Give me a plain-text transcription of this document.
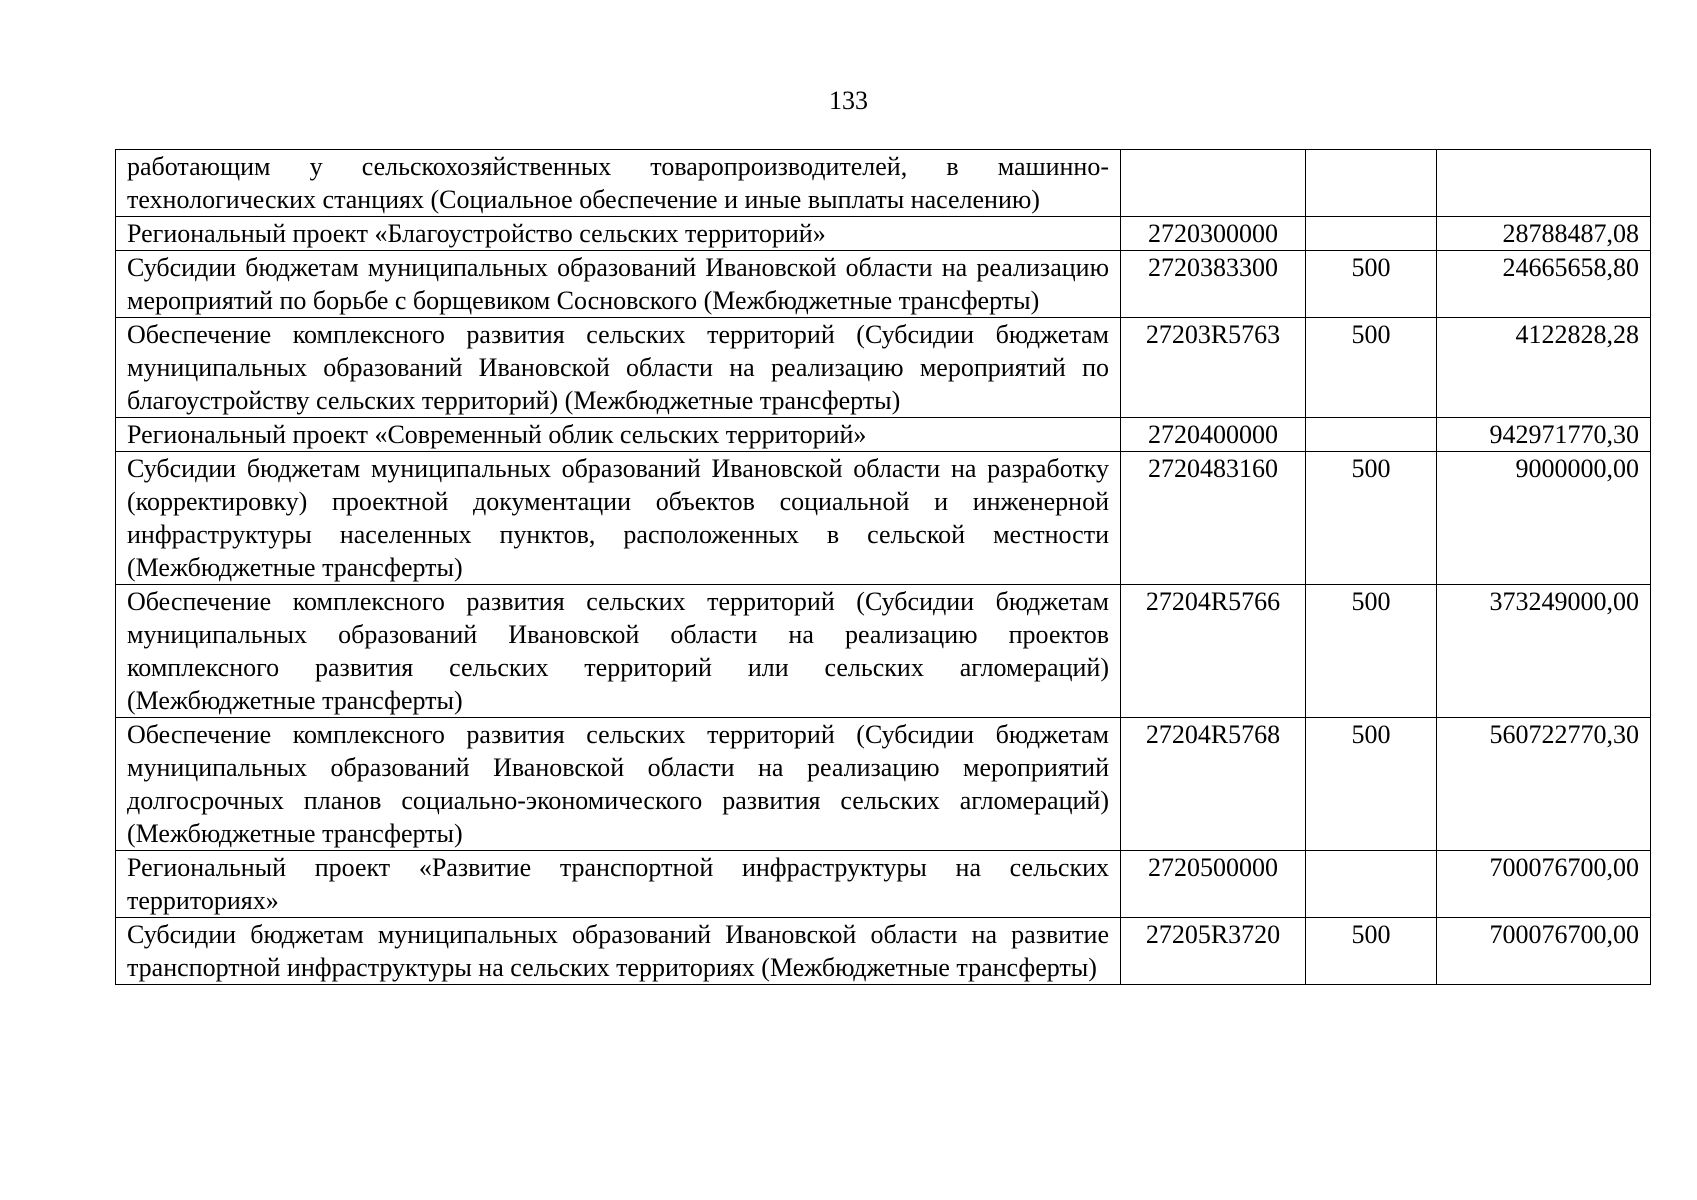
133
работающим у сельскохозяйственных товаропроизводителей, в машинно-технологических станциях (Социальное обеспечение и иные выплаты населению)			
Региональный проект «Благоустройство сельских территорий»	2720300000		28788487,08
Субсидии бюджетам муниципальных образований Ивановской области на реализацию мероприятий по борьбе с борщевиком Сосновского (Межбюджетные трансферты)	2720383300	500	24665658,80
Обеспечение комплексного развития сельских территорий (Субсидии бюджетам муниципальных образований Ивановской области на реализацию мероприятий по благоустройству сельских территорий) (Межбюджетные трансферты)	27203R5763	500	4122828,28
Региональный проект «Современный облик сельских территорий»	2720400000		942971770,30
Субсидии бюджетам муниципальных образований Ивановской области на разработку (корректировку) проектной документации объектов социальной и инженерной инфраструктуры населенных пунктов, расположенных в сельской местности (Межбюджетные трансферты)	2720483160	500	9000000,00
Обеспечение комплексного развития сельских территорий (Субсидии бюджетам муниципальных образований Ивановской области на реализацию проектов комплексного развития сельских территорий или сельских агломераций) (Межбюджетные трансферты)	27204R5766	500	373249000,00
Обеспечение комплексного развития сельских территорий (Субсидии бюджетам муниципальных образований Ивановской области на реализацию мероприятий долгосрочных планов социально-экономического развития сельских агломераций) (Межбюджетные трансферты)	27204R5768	500	560722770,30
Региональный проект «Развитие транспортной инфраструктуры на сельских территориях»	2720500000		700076700,00
Субсидии бюджетам муниципальных образований Ивановской области на развитие транспортной инфраструктуры на сельских территориях (Межбюджетные трансферты)	27205R3720	500	700076700,00
